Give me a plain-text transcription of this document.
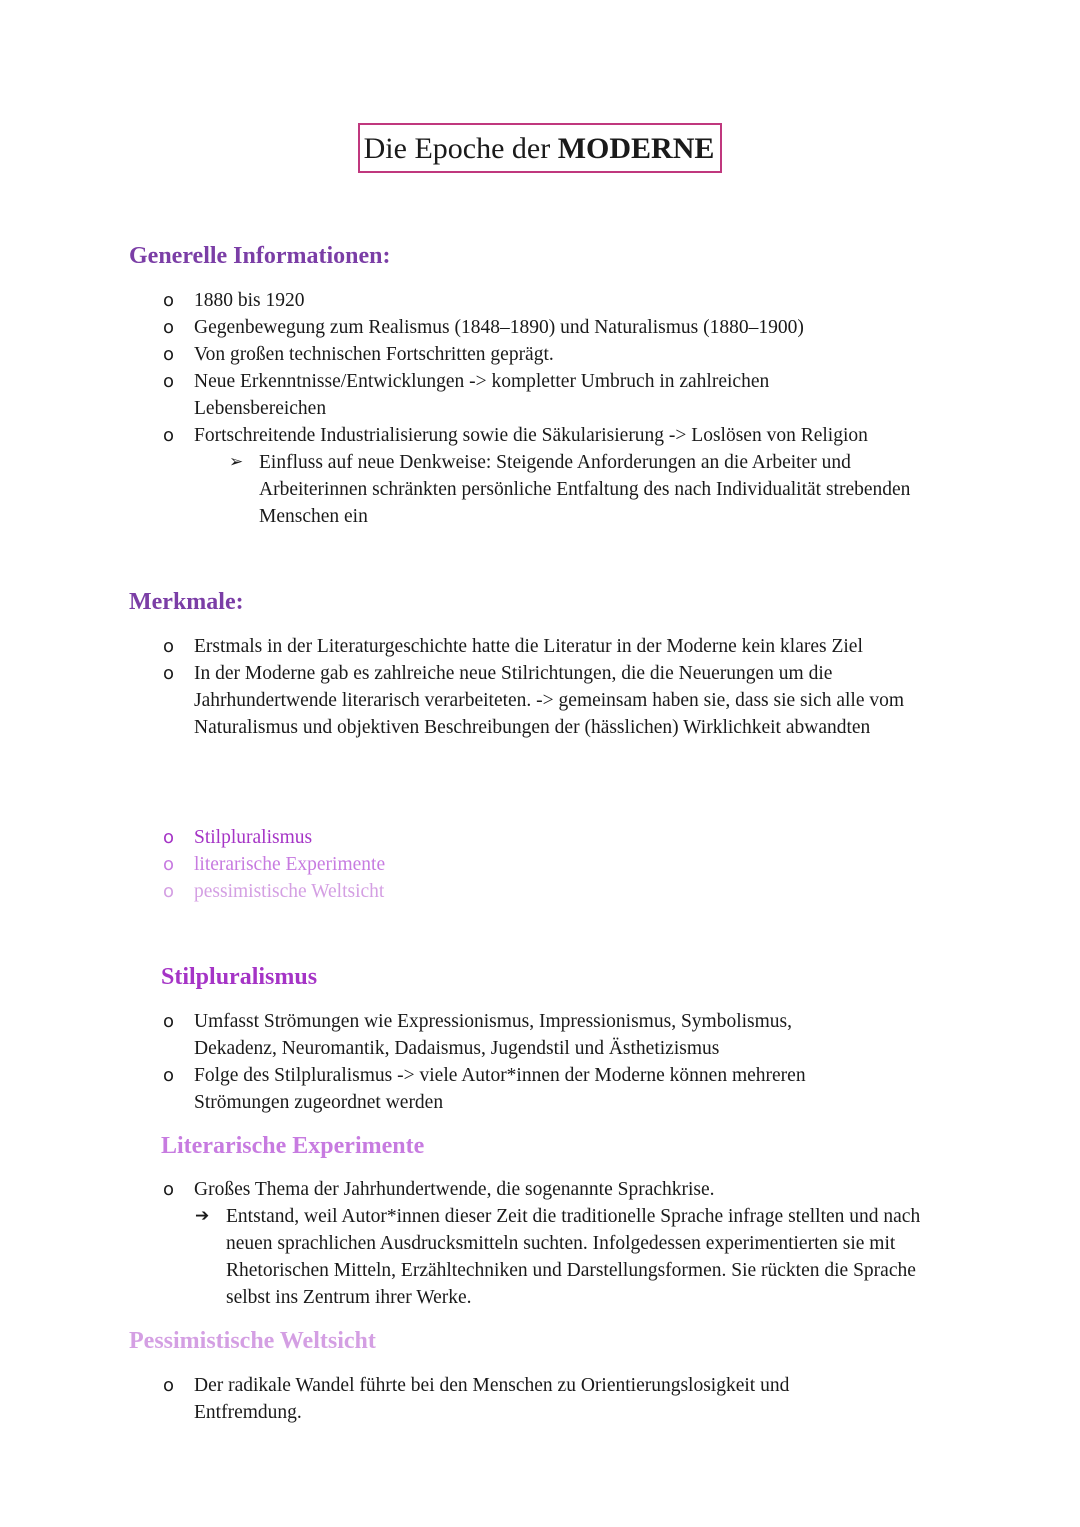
Die Epoche der MODERNE
Generelle Informationen:
o 1880 bis 1920
o Gegenbewegung zum Realismus (1848–1890) und Naturalismus (1880–1900)
o Von großen technischen Fortschritten geprägt.
o Neue Erkenntnisse/Entwicklungen -> kompletter Umbruch in zahlreichen Lebensbereichen
o Fortschreitende Industrialisierung sowie die Säkularisierung -> Loslösen von Religion
➢ Einfluss auf neue Denkweise: Steigende Anforderungen an die Arbeiter und Arbeiterinnen schränkten persönliche Entfaltung des nach Individualität strebenden Menschen ein
Merkmale:
o Erstmals in der Literaturgeschichte hatte die Literatur in der Moderne kein klares Ziel
o In der Moderne gab es zahlreiche neue Stilrichtungen, die die Neuerungen um die Jahrhundertwende literarisch verarbeiteten. -> gemeinsam haben sie, dass sie sich alle vom Naturalismus und objektiven Beschreibungen der (hässlichen) Wirklichkeit abwandten
o Stilpluralismus
o literarische Experimente
o pessimistische Weltsicht
Stilpluralismus
o Umfasst Strömungen wie Expressionismus, Impressionismus, Symbolismus, Dekadenz, Neuromantik, Dadaismus, Jugendstil und Ästhetizismus
o Folge des Stilpluralismus -> viele Autor*innen der Moderne können mehreren Strömungen zugeordnet werden
Literarische Experimente
o Großes Thema der Jahrhundertwende, die sogenannte Sprachkrise.
➔ Entstand, weil Autor*innen dieser Zeit die traditionelle Sprache infrage stellten und nach neuen sprachlichen Ausdrucksmitteln suchten. Infolgedessen experimentierten sie mit Rhetorischen Mitteln, Erzähltechniken und Darstellungsformen. Sie rückten die Sprache selbst ins Zentrum ihrer Werke.
Pessimistische Weltsicht
o Der radikale Wandel führte bei den Menschen zu Orientierungslosigkeit und Entfremdung.
